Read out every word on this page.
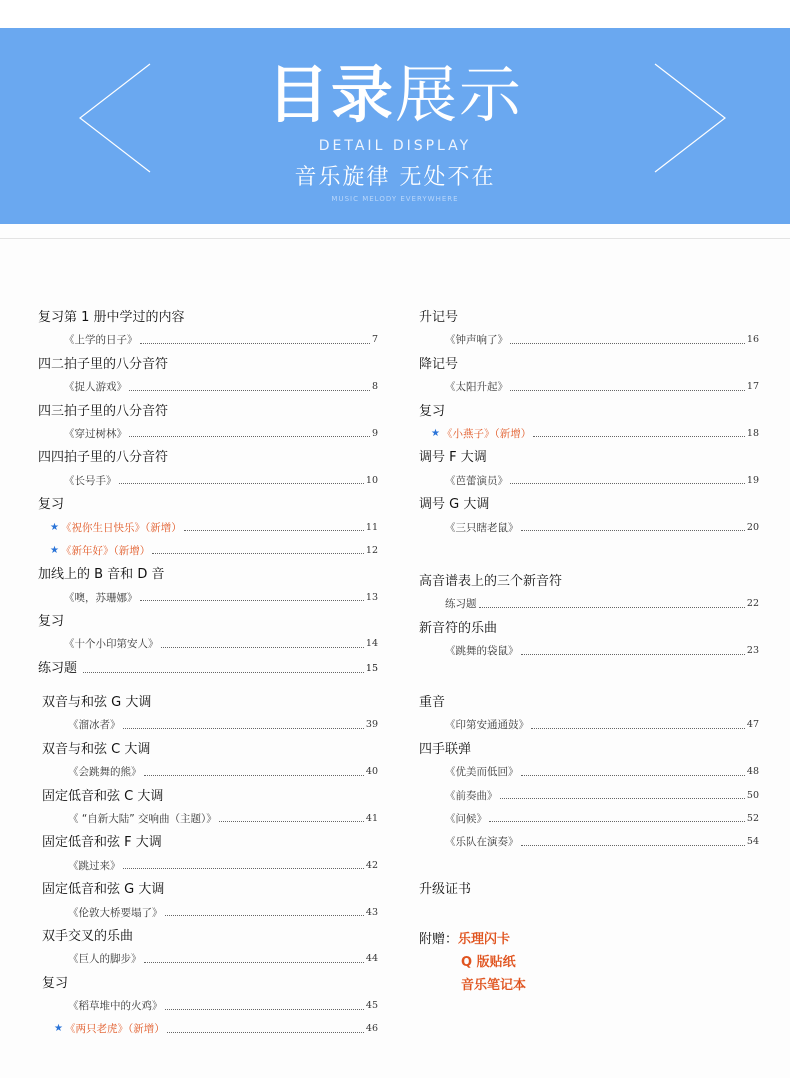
目录展示
DETAIL DISPLAY
音乐旋律 无处不在
MUSIC MELODY EVERYWHERE
复习第 1 册中学过的内容
《上学的日子》	7
四二拍子里的八分音符
《捉人游戏》	8
四三拍子里的八分音符
《穿过树林》	9
四四拍子里的八分音符
《长号手》	10
复习
★ 《祝你生日快乐》（新增）	11
★ 《新年好》（新增）	12
加线上的 B 音和 D 音
《噢，苏珊娜》	13
复习
《十个小印第安人》	14
练习题	15
升记号
《钟声响了》	16
降记号
《太阳升起》	17
复习
★ 《小燕子》（新增）	18
调号 F 大调
《芭蕾演员》	19
调号 G 大调
《三只瞎老鼠》	20
高音谱表上的三个新音符
练习题	22
新音符的乐曲
《跳舞的袋鼠》	23
双音与和弦 G 大调
《溜冰者》	39
双音与和弦 C 大调
《会跳舞的熊》	40
固定低音和弦 C 大调
《 “自新大陆” 交响曲（主题）》	41
固定低音和弦 F 大调
《跳过来》	42
固定低音和弦 G 大调
《伦敦大桥要塌了》	43
双手交叉的乐曲
《巨人的脚步》	44
复习
《稻草堆中的火鸡》	45
★ 《两只老虎》（新增）	46
重音
《印第安通通鼓》	47
四手联弹
《优美而低回》	48
《前奏曲》	50
《问候》	52
《乐队在演奏》	54
升级证书
附赠：乐理闪卡
Q 版贴纸
音乐笔记本
